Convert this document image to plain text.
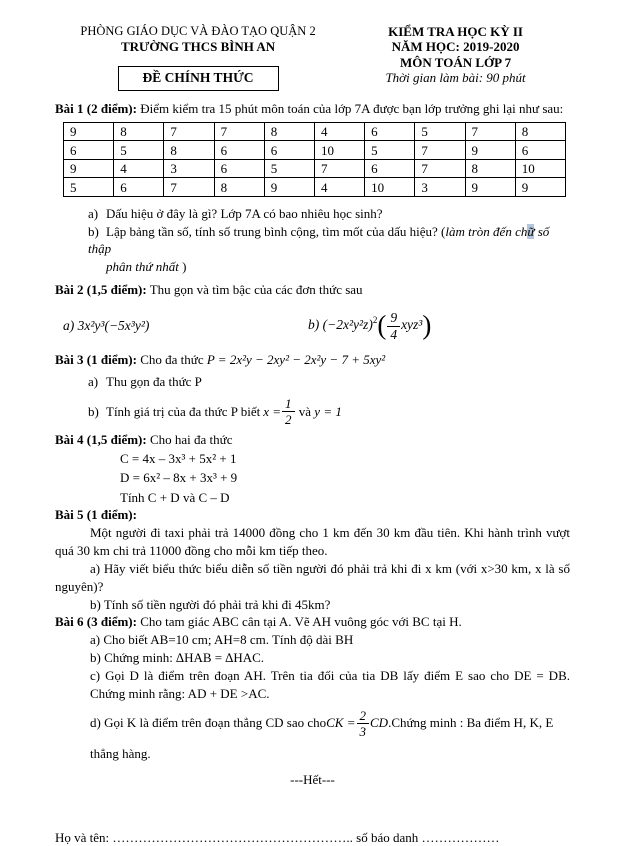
PHÒNG GIÁO DỤC VÀ ĐÀO TẠO QUẬN 2
TRƯỜNG THCS BÌNH AN
ĐỀ CHÍNH THỨC
KIỂM TRA HỌC KỲ II
NĂM HỌC: 2019-2020
MÔN TOÁN LỚP 7
Thời gian làm bài: 90 phút

Bài 1 (2 điểm): Điểm kiểm tra 15 phút môn toán của lớp 7A được bạn lớp trưởng ghi lại như sau:

9	8	7	7	8	4	6	5	7	8
6	5	8	6	6	10	5	7	9	6
9	4	3	6	5	7	6	7	8	10
5	6	7	8	9	4	10	3	9	9
a) Dấu hiệu ở đây là gì? Lớp 7A có bao nhiêu học sinh?
b) Lập bảng tần số, tính số trung bình cộng, tìm mốt của dấu hiệu? (làm tròn đến chữ số thập
phân thứ nhất )

Bài 2 (1,5 điểm): Thu gọn và tìm bậc của các đơn thức sau

a) 3x²y³(−5x³y²)	b) $(-2x^2y^2z)^2( \frac{9}{4} xyz^3)$

Bài 3 (1 điểm): Cho đa thức P = 2x²y − 2xy² − 2x²y − 7 + 5xy²

a) Thu gọn đa thức P
b) Tính giá trị của đa thức P biết $x = \frac{1}{2}$ và y = 1

Bài 4 (1,5 điểm): Cho hai đa thức

C = 4x – 3x³ + 5x² + 1
D = 6x² – 8x + 3x³ + 9
Tính C + D và C – D

Bài 5 (1 điểm):

Một người đi taxi phải trả 14000 đồng cho 1 km đến 30 km đầu tiên. Khi hành trình vượt quá 30 km chi trả 11000 đồng cho mỗi km tiếp theo.

a) Hãy viết biểu thức biểu diễn số tiền người đó phải trả khi đi x km (với x>30 km, x là số nguyên)?

b) Tính số tiền người đó phải trả khi đi 45km?

Bài 6 (3 điểm): Cho tam giác ABC cân tại A. Vẽ AH vuông góc với BC tại H.

a) Cho biết AB=10 cm; AH=8 cm. Tính độ dài BH
b) Chứng minh: ∆HAB = ∆HAC.
c) Gọi D là điểm trên đoạn AH. Trên tia đối của tia DB lấy điểm E sao cho DE = DB. Chứng minh rằng: AD + DE >AC.
d) Gọi K là điểm trên đoạn thẳng CD sao cho CK = $\frac{2}{3}$ CD .Chứng minh : Ba điểm H, K, E
thẳng hàng.
---Hết---
Họ và tên: ……………………………………………….. số báo danh ………………
